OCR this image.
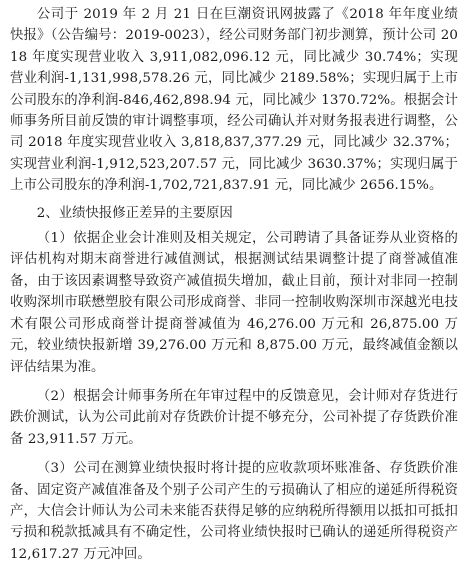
公司于 2019 年 2 月 21 日在巨潮资讯网披露了《2018 年年度业绩快报》（公告编号：2019-0023），经公司财务部门初步测算，预计公司 2018 年度实现营业收入 3,911,082,096.12 元，同比减少 30.74%；实现营业利润-1,131,998,578.26 元，同比减少 2189.58%；实现归属于上市公司股东的净利润-846,462,898.94 元，同比减少 1370.72%。根据会计师事务所目前反馈的审计调整事项，经公司确认并对财务报表进行调整，公司 2018 年度实现营业收入 3,818,837,377.29 元，同比减少 32.37%；实现营业利润-1,912,523,207.57 元，同比减少 3630.37%；实现归属于上市公司股东的净利润-1,702,721,837.91 元，同比减少 2656.15%。

2、业绩快报修正差异的主要原因

（1）依据企业会计准则及相关规定，公司聘请了具备证券从业资格的评估机构对期末商誉进行减值测试，根据测试结果调整计提了商誉减值准备，由于该因素调整导致资产减值损失增加，截止目前，预计对非同一控制收购深圳市联懋塑胶有限公司形成商誉、非同一控制收购深圳市深越光电技术有限公司形成商誉计提商誉减值为 46,276.00 万元和 26,875.00 万元，较业绩快报新增 39,276.00 万元和 8,875.00 万元，最终减值金额以评估结果为准。

（2）根据会计师事务所在年审过程中的反馈意见，会计师对存货进行跌价测试，认为公司此前对存货跌价计提不够充分，公司补提了存货跌价准备 23,911.57 万元。

（3）公司在测算业绩快报时将计提的应收款项坏账准备、存货跌价准备、固定资产减值准备及个别子公司产生的亏损确认了相应的递延所得税资产，大信会计师认为公司未来能否获得足够的应纳税所得额用以抵扣可抵扣亏损和税款抵减具有不确定性，公司将业绩快报时已确认的递延所得税资产 12,617.27 万元冲回。
